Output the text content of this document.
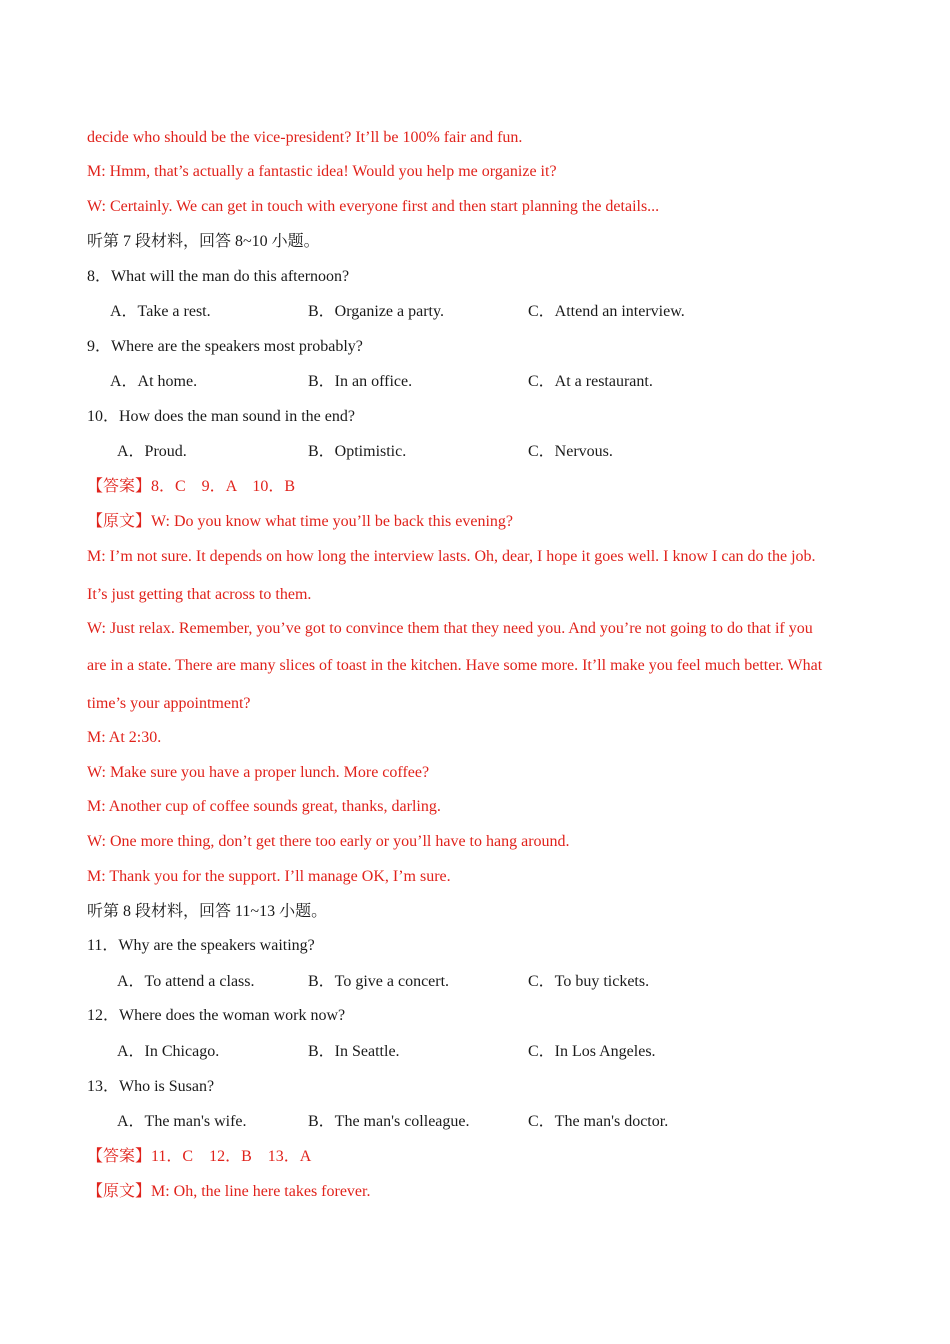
decide who should be the vice-president? It’ll be 100% fair and fun.
M: Hmm, that’s actually a fantastic idea! Would you help me organize it?
W: Certainly. We can get in touch with everyone first and then start planning the details...
听第 7 段材料，回答 8~10 小题。
8．What will the man do this afternoon?
A．Take a rest.	B．Organize a party.	C．Attend an interview.
9．Where are the speakers most probably?
A．At home.	B．In an office.	C．At a restaurant.
10．How does the man sound in the end?
A．Proud.	B．Optimistic.	C．Nervous.
【答案】8．C　9．A　10．B
【原文】W: Do you know what time you’ll be back this evening?
M: I’m not sure. It depends on how long the interview lasts. Oh, dear, I hope it goes well. I know I can do the job.
It’s just getting that across to them.
W: Just relax. Remember, you’ve got to convince them that they need you. And you’re not going to do that if you
are in a state. There are many slices of toast in the kitchen. Have some more. It’ll make you feel much better. What
time’s your appointment?
M: At 2:30.
W: Make sure you have a proper lunch. More coffee?
M: Another cup of coffee sounds great, thanks, darling.
W: One more thing, don’t get there too early or you’ll have to hang around.
M: Thank you for the support. I’ll manage OK, I’m sure.
听第 8 段材料，回答 11~13 小题。
11．Why are the speakers waiting?
A．To attend a class.	B．To give a concert.	C．To buy tickets.
12．Where does the woman work now?
A．In Chicago.	B．In Seattle.	C．In Los Angeles.
13．Who is Susan?
A．The man's wife.	B．The man's colleague.	C．The man's doctor.
【答案】11．C　12．B　13．A
【原文】M: Oh, the line here takes forever.
